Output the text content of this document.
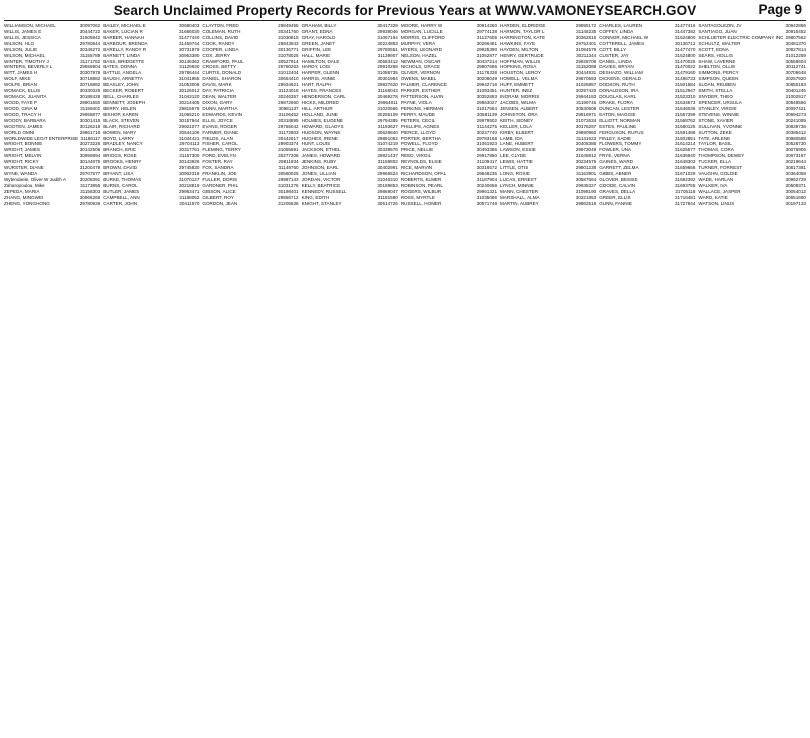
Search Unclaimed Property Records for Previous Years at WWW.VAMONEYSEARCH.GOV	Page 9
WILLIAMSON, MICHAEL	30097062
WILLIS, JAMES E	30444722
WILLIS, JESSICA	31505942
WILSON, HLO	29780844
WILSON, JULIE	30346272
WILSON, MICHAEL	31155789
WINTER, TIMOTHY J	31171762
WINTERS, BEVERLY L	29556904
WITT, JAMES H	30307979
WOLF, MIKE	30718882
WOLFE, BRIAN	30718882
WOMACK, ELLIS	30330325
WOMACK, JUANITA	30188428
WOOD, FAYE P	29901650
WOOD, GINA M	31159401
WOOD, TRACY H	29958877
WOODY, BARBARA	30301415
WOOTEN, JAMES	30126218
WORLD OMNI	29861716
WORLDWIDE LEGIT ENTERPRISE 31186117
WRIGHT, BONNIE	30273226
WRIGHT, JAMES	30142506
WRIGHT, MELVIN	30956894
WRIGHT, RICKY	30144875
WURSTER, DIANE	31200479
WYNE, WANDA	29707577
Wytendaele, Oliver W Judith A	30208391
Zaharopoulou, Mike	31173856
ZEPEDA, MARIA	31158303
ZHANG, MINGWEI	30966266
ZHENG, YONGHONG	29780928
BAILEY, MICHAEL E	30680403
BAKER, LUCIAN R	31666030
BARBER, HANNAH	31477440
BARBOUR, BRENDA	31459744
BARELLY, RANDY R	30731979
BARNETT, LINDA	30953390
BASS, BRIDGETTE	30146362
BATES, DONNA	31129930
BATTLE, ANGELA	29786444
BAUGH, ARNETTA	31041955
BEASLEY, JOHN	31053008
BECKER, ROBERT	30126012
BELL, CHARLES	31043120
BENNETT, JOSEPH	30214405
BERRY, HELEN	29815578
BISHOP, KAREN	31065210
BLACK, STEVEN	30157844
BLAIR, RICHARD	29921077
BOWEN, MARY	30544106
BOYD, LARRY	31044421
BRADLEY, NANCY	29704113
BRANCH, ERIC	30317761
BRIGGS, ROSE	31157300
BROOKS, HENRY	30143926
BROWN, DAVID	29745830
BRYANT, LISA	30902318
BURKE, THOMAS	31070127
BURNS, CAROL	30218819
BUTLER, JAMES	29963471
CAMPBELL, ANN	31188052
CARTER, JOHN	30411570
CLAYTON, FRED	29849455
COLEMAN, RUTH	30341760
COLLINS, DAVID	31030615
COOK, RANDY	29843543
COOPER, LINDA	30136771
COX, JERRY	31078025
CRAWFORD, PAUL	30527914
CROSS, BETTY	29750263
CURTIS, DONALD	31012404
DANIEL, SHARON	30654410
DAVIS, MARK	29934621
DAY, PATRICIA	31124018
DEAN, WALTER	30246357
DIXON, GARY	29872660
DUNN, MARTHA	30981137
EDWARDS, KEVIN	31106452
ELLIS, JOYCE	30318895
EVANS, ROGER	29765042
FARMER, DIANE	31172803
FIELDS, ALAN	30442617
FISHER, CAROL	29903374
FLEMING, TERRY	31055591
FORD, EVELYN	30277208
FOSTER, RAY	29811934
FOX, SANDRA	31149760
FRANKLIN, JOE	30560025
FULLER, DORIS	29987143
GARDNER, PHIL	31031276
GIBSON, ALICE	30198401
GILBERT, ROY	29856712
GORDON, JEAN	31205538
GRAHAM, BILLY	30417329
GRANT, EDNA	29938046
GRAY, HAROLD	31067194
GREEN, JANET	30224863
GRIFFIN, LEE	29780551
HALL, MARIE	31139907
HAMILTON, DALE	30583412
HARDY, LOIS	29910268
HARPER, GLENN	31088735
HARRIS, ANNIE	30301954
HART, RALPH	29837620
HAYES, FRANCES	31166043
HENDERSON, CARL	30469278
HICKS, MILDRED	29954811
HILL, ARTHUR	31020566
HOLLAND, JUNE	30255109
HOLMES, EUGENE	29794385
HOWARD, GLADYS	31193627
HUDSON, WAYNE	30628840
HUGHES, IRENE	29891052
HUNT, LOUIS	31074219
JACKSON, ETHEL	30339576
JAMES, HOWARD	29821437
JENKINS, RUBY	31158802
JOHNSON, EARL	30402991
JONES, LILLIAN	29966524
JORDAN, VICTOR	31046310
KELLY, BEATRICE	30189853
KENNEDY, RUSSELL	29869047
KING, EDITH	31181590
KNIGHT, STANLEY	30514726
MOORE, HARRY W	30914260
MORGAN, LUCILLE	29774138
MORRIS, CLIFFORD	31127605
MURPHY, VERA	30266481
MYERS, LEONARD	29925390
NELSON, HAZEL	31052877
NEWMAN, OSCAR	30437214
NICHOLS, GRACE	29807665
OLIVER, VERNON	31176338
OWENS, MABEL	30208049
PALMER, CLARENCE	29942716
PARKER, ESTHER	31093451
PATTERSON, ALVIN	30352893
PAYNE, VIOLA	29863027
PERKINS, HERMAN	31017684
PERRY, MAUDE	30581139
PETERS, CECIL	29979502
PHILLIPS, AGNES	31144275
PIERCE, LLOYD	30227740
PORTER, BERTHA	29783168
POWELL, FLOYD	31061923
PRICE, NELLIE	30493386
REED, VIRGIL	29917850
REYNOLDS, ELSIE	31109417
RICE, MARVIN	30316572
RICHARDSON, OPAL	29848235
ROBERTS, ELMER	31187904
ROBINSON, PEARL	30240658
ROGERS, WILBUR	29961321
ROSS, MYRTLE	31035086
RUSSELL, HOMER	30571749
HARDEN, ELDRIDGE	29895172
HARMON, TAYLOR L	31146235
HARRINGTON, KATE	30362816
HAWKINS, FAYE	29752401
HAYDEN, MILTON	31084579
HENRY, GERTRUDE	30211344
HOFFMAN, WILLIS	29928706
HOPKINS, ROSA	31152068
HOUSTON, LEROY	30444931
HOWELL, VELMA	29870593
HUFF, EMMETT	31026857
HUNTER, INEZ	30297420
INGRAM, MORRIS	29944183
JACOBS, WILMA	31199746
JENSEN, ALBERT	30530508
JOHNSTON, ORA	29816971
KEITH, SIDNEY	31072634
KELLER, LOLA	30175297
KIRBY, ELBERT	29890960
LAMB, IDA	31131623
LANE, HUBERT	30408386
LAWSON, ESSIE	29973049
LEE, CLYDE	31045812
LEWIS, HATTIE	30234575
LITTLE, OTIS	29801238
LONG, ROXIE	31163901
LUCAS, ERNEST	30587664
LYNCH, MINNIE	29935327
MANN, CHESTER	31098190
MARSHALL, ALMA	30321853
MARTIN, AUBREY	29862516
CHARLES, LAUREN	31477416
COFFEY, LINDA	31447382
CONNOR, MICHAEL W	31524800
COTTERELL, JAMES	30136712
COTT, BILLY	31477470
CUSTER, JAY	31524800
DANIEL, LINDA	31470025
DAVIES, BRYAN	31470022
DESHAZO, WILLIAM	31479160
DICKENS, GERALD	31486733
DODSON, RUTH	31501584
DONALDSON, IRA	31512947
DOUGLAS, KARL	31523310
DRAKE, FLORA	31534673
DUNCAN, LESTER	31546036
EATON, MAGGIE	31557399
ELLIOTT, NORMAN	31568762
ESTES, PAULINE	31580125
FERGUSON, RUFUS	31591488
FINLEY, SADIE	31602851
FLOWERS, TOMMY	31614214
FOWLER, UNA	31625577
FRYE, VERNA	31636940
GAINES, WARD	31648303
GARRETT, ZELMA	31659666
GIBBS, ABNER	31671029
GLOVER, BESSIE	31682392
GOODE, CALVIN	31693755
GRAVES, DELLA	31705118
GREER, ELLIS	31716481
GUNN, FANNIE	31727844
SANTAGOLEZIN, JV	30942866
SANTIAGO, JUAN	30915452
SCHLUETER ELECTRIC COMPANY INC 29807562
SCHULTZ, WALTER	30481370
SCOTT, EDNA	30927814
SEARS, HOLLIS	31012259
SHAW, LAVERNE	30558604
SHELTON, OLLIE	30112741
SIMMONS, PERCY	30706648
SIMPSON, QUEEN	30257920
SLOAN, REUBEN	30855183
SMITH, STELLA	30401245
SNYDER, THEO	31002917
SPENCER, URSULA	30548556
STANLEY, VIRGIE	30097421
STEVENS, WINNIE	30694273
STONE, XAVIER	30241089
SULLIVAN, YVONNE	30839736
SUTTON, ZEKE	30385412
TATE, ARLENE	30980588
TAYLOR, BASIL	30526730
THOMAS, CORA	30075906
THOMPSON, DEWEY	30673167
TUCKER, ELLA	30219644
TURNER, FORREST	30817381
VAUGHN, GOLDIE	30364058
WADE, HARLAN	30962729
WALKER, IVA	30508371
WALLACE, JASPER	30054012
WARD, KATIE	30651690
WATSON, LINUS	30197133
